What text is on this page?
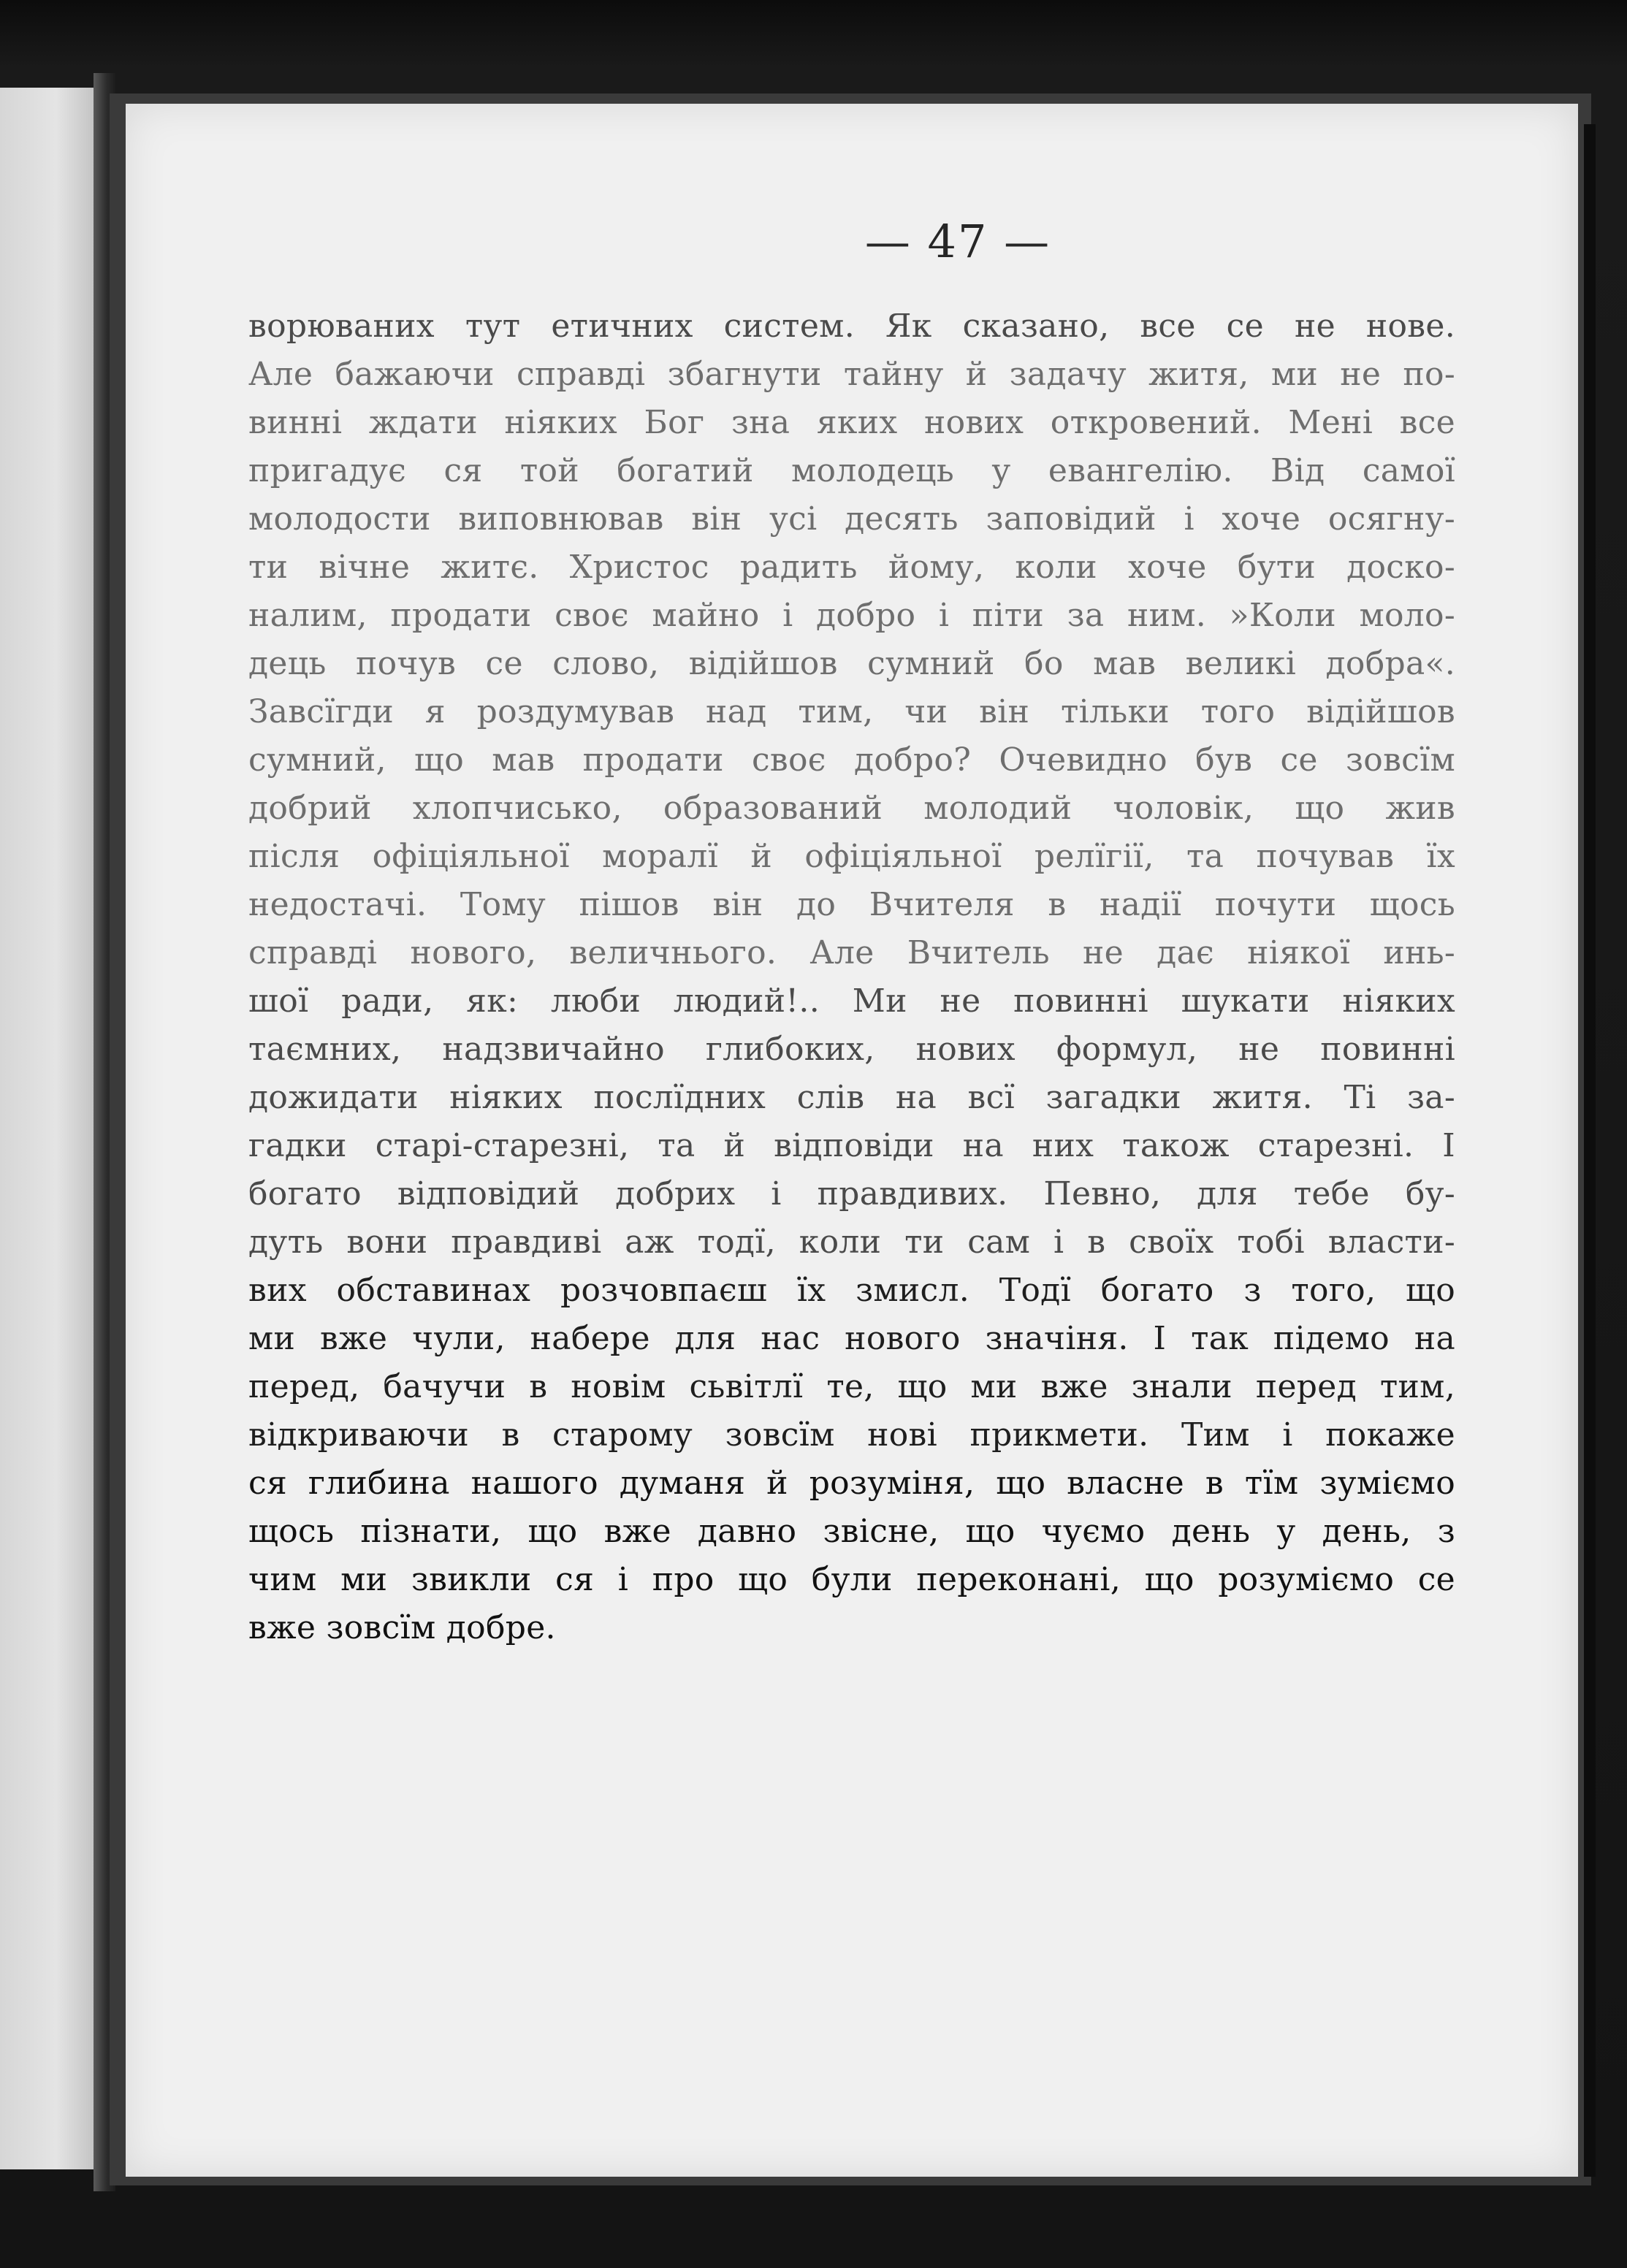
— 47 —
ворюваних тут етичних систем. Як сказано, все се не нове.
Але бажаючи справді збагнути тайну й задачу житя, ми не по-
винні ждати ніяких Бог зна яких нових откровений. Мені все
пригадує ся той богатий молодець у евангелію. Від самої
молодости виповнював він усі десять заповідий і хоче осягну-
ти вічне житє. Христос радить йому, коли хоче бути доско-
налим, продати своє майно і добро і піти за ним. »Коли моло-
дець почув се слово, відійшов сумний бо мав великі добра«.
Завсїгди я роздумував над тим, чи він тільки того відійшов
сумний, що мав продати своє добро? Очевидно був се зовсїм
добрий хлопчисько, образований молодий чоловік, що жив
після офіціяльної моралї й офіціяльної релїгії, та почував їх
недостачі. Тому пішов він до Вчителя в надії почути щось
справді нового, величнього. Але Вчитель не дає ніякої инь-
шої ради, як: люби людий!.. Ми не повинні шукати ніяких
таємних, надзвичайно глибоких, нових формул, не повинні
дожидати ніяких послїдних слів на всї загадки житя. Ті за-
гадки старі-старезні, та й відповіди на них також старезні. І
богато відповідий добрих і правдивих. Певно, для тебе бу-
дуть вони правдиві аж тодї, коли ти сам і в своїх тобі власти-
вих обставинах розчовпаєш їх змисл. Тодї богато з того, що
ми вже чули, набере для нас нового значіня. І так підемо на
перед, бачучи в новім сьвітлї те, що ми вже знали перед тим,
відкриваючи в старому зовсїм нові прикмети. Тим і покаже
ся глибина нашого думаня й розуміня, що власне в тїм зуміємо
щось пізнати, що вже давно звісне, що чуємо день у день, з
чим ми звикли ся і про що були переконані, що розуміємо се
вже зовсїм добре.
